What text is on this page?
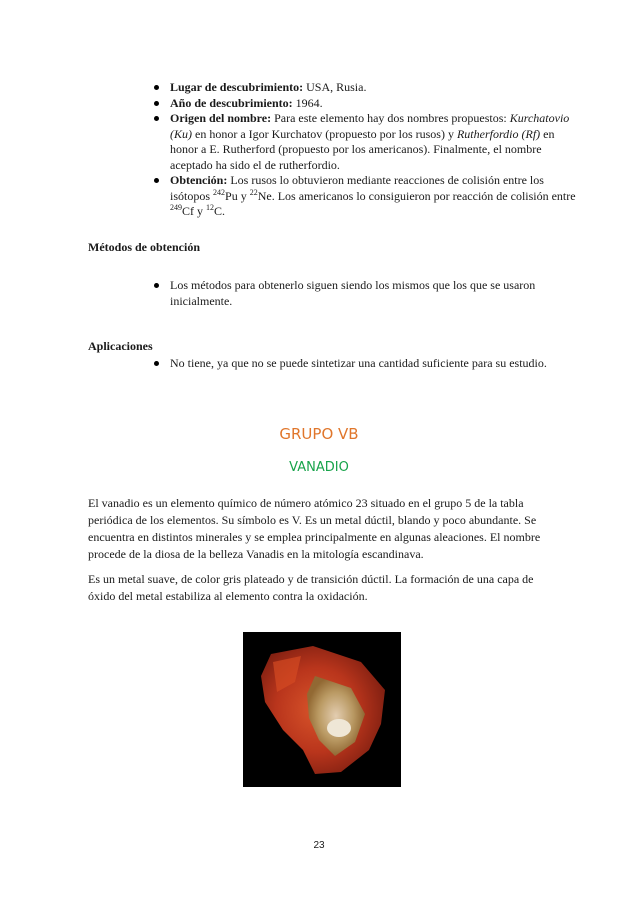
Lugar de descubrimiento: USA, Rusia.
Año de descubrimiento: 1964.
Origen del nombre: Para este elemento hay dos nombres propuestos: Kurchatovio (Ku) en honor a Igor Kurchatov (propuesto por los rusos) y Rutherfordio (Rf) en honor a E. Rutherford (propuesto por los americanos). Finalmente, el nombre aceptado ha sido el de rutherfordio.
Obtención: Los rusos lo obtuvieron mediante reacciones de colisión entre los isótopos $^{242}$Pu y $^{22}$Ne. Los americanos lo consiguieron por reacción de colisión entre $^{249}$Cf y $^{12}$C.
Métodos de obtención
Los métodos para obtenerlo siguen siendo los mismos que los que se usaron inicialmente.
Aplicaciones
No tiene, ya que no se puede sintetizar una cantidad suficiente para su estudio.
GRUPO VB
VANADIO
El vanadio es un elemento químico de número atómico 23 situado en el grupo 5 de la tabla periódica de los elementos. Su símbolo es V. Es un metal dúctil, blando y poco abundante. Se encuentra en distintos minerales y se emplea principalmente en algunas aleaciones. El nombre procede de la diosa de la belleza Vanadis en la mitología escandinava.
Es un metal suave, de color gris plateado y de transición dúctil. La formación de una capa de óxido del metal estabiliza al elemento contra la oxidación.
23
